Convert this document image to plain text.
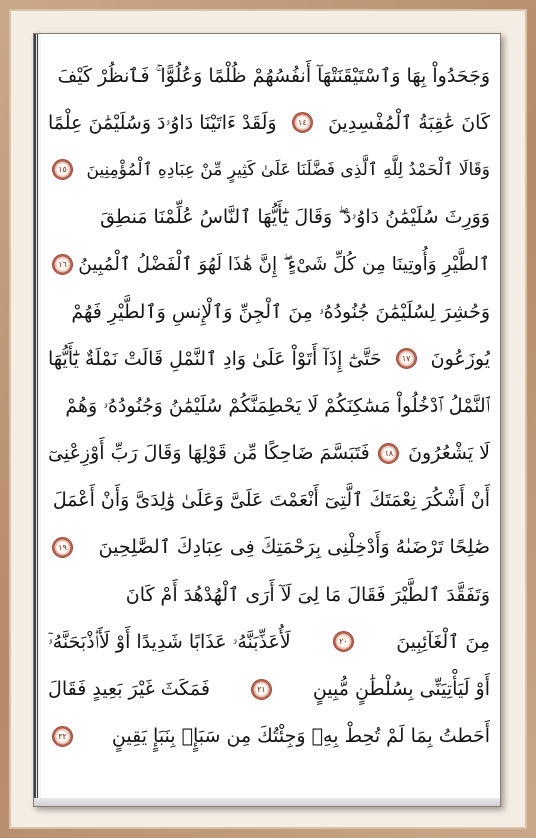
وَجَحَدُواْ بِهَا وَٱسْتَيْقَنَتْهَآ أَنفُسُهُمْ ظُلْمًا وَعُلُوًّا ۚ فَٱنظُرْ كَيْفَ
كَانَ عَٰقِبَةُ ٱلْمُفْسِدِينَ
١٤
وَلَقَدْ ءَاتَيْنَا دَاوُۥدَ وَسُلَيْمَٰنَ عِلْمًا
وَقَالَا ٱلْحَمْدُ لِلَّهِ ٱلَّذِى فَضَّلَنَا عَلَىٰ كَثِيرٍ مِّنْ عِبَادِهِ ٱلْمُؤْمِنِينَ
١٥
وَوَرِثَ سُلَيْمَٰنُ دَاوُۥدَ ۖ وَقَالَ يَٰٓأَيُّهَا ٱلنَّاسُ عُلِّمْنَا مَنطِقَ
ٱلطَّيْرِ وَأُوتِينَا مِن كُلِّ شَىْءٍ ۖ إِنَّ هَٰذَا لَهُوَ ٱلْفَضْلُ ٱلْمُبِينُ
١٦
وَحُشِرَ لِسُلَيْمَٰنَ جُنُودُهُۥ مِنَ ٱلْجِنِّ وَٱلْإِنسِ وَٱلطَّيْرِ فَهُمْ
يُوزَعُونَ
١٧
حَتَّىٰٓ إِذَآ أَتَوْاْ عَلَىٰ وَادِ ٱلنَّمْلِ قَالَتْ نَمْلَةٌ يَٰٓأَيُّهَا
ٱلنَّمْلُ ٱدْخُلُواْ مَسَٰكِنَكُمْ لَا يَحْطِمَنَّكُمْ سُلَيْمَٰنُ وَجُنُودُهُۥ وَهُمْ
لَا يَشْعُرُونَ
١٨
فَتَبَسَّمَ ضَاحِكًا مِّن قَوْلِهَا وَقَالَ رَبِّ أَوْزِعْنِىٓ
أَنْ أَشْكُرَ نِعْمَتَكَ ٱلَّتِىٓ أَنْعَمْتَ عَلَىَّ وَعَلَىٰ وَٰلِدَىَّ وَأَنْ أَعْمَلَ
صَٰلِحًا تَرْضَىٰهُ وَأَدْخِلْنِى بِرَحْمَتِكَ فِى عِبَادِكَ ٱلصَّٰلِحِينَ
١٩
وَتَفَقَّدَ ٱلطَّيْرَ فَقَالَ مَا لِىَ لَآ أَرَى ٱلْهُدْهُدَ أَمْ كَانَ
مِنَ ٱلْغَآئِبِينَ
٢٠
لَأُعَذِّبَنَّهُۥ عَذَابًا شَدِيدًا أَوْ لَأَا۟ذْبَحَنَّهُۥٓ
أَوْ لَيَأْتِيَنِّى بِسُلْطَٰنٍ مُّبِينٍ
٢١
فَمَكَثَ غَيْرَ بَعِيدٍ فَقَالَ
أَحَطتُ بِمَا لَمْ تُحِطْ بِهِۦ وَجِئْتُكَ مِن سَبَإٍۭ بِنَبَإٍ يَقِينٍ
٢٢
